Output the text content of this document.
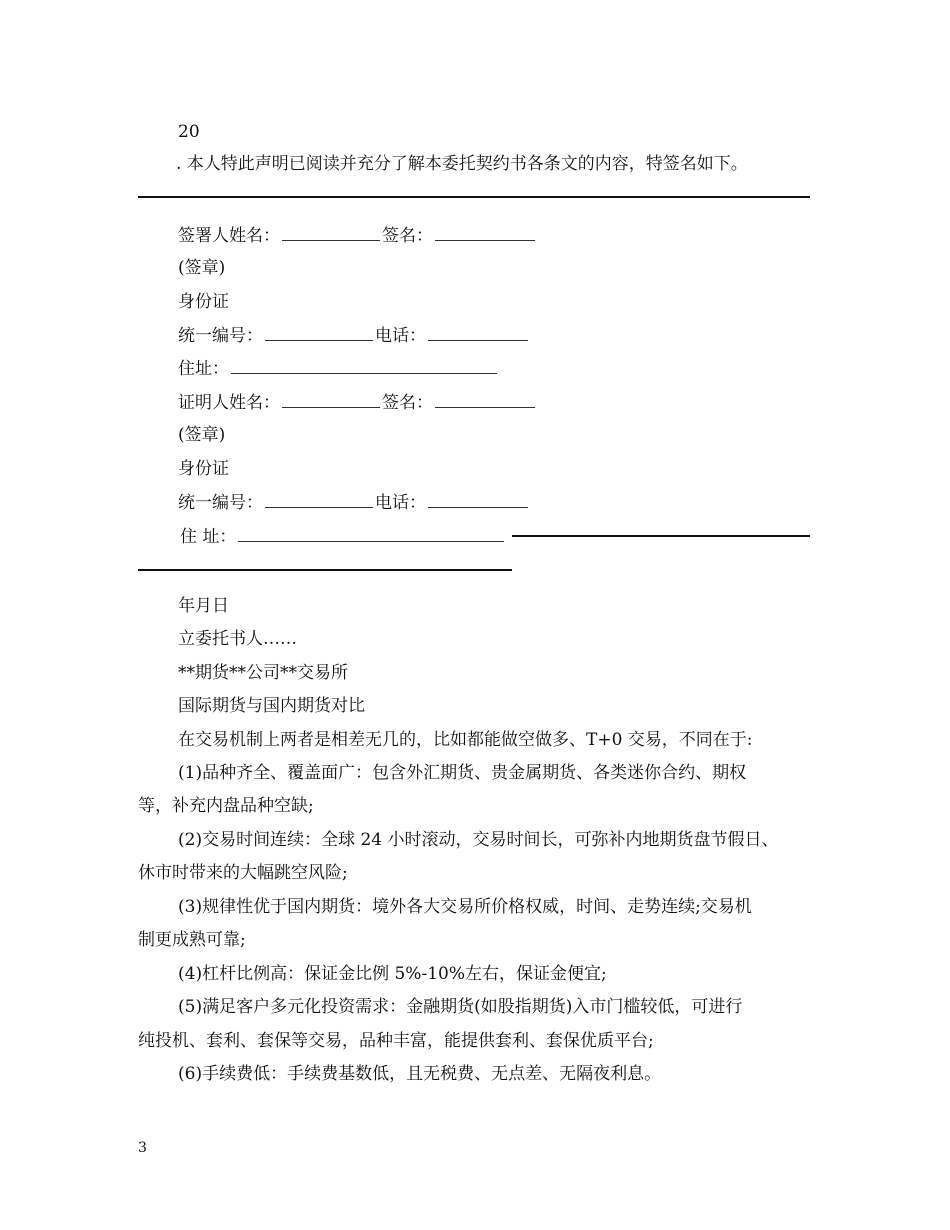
20
. 本人特此声明已阅读并充分了解本委托契约书各条文的内容，特签名如下。
签署人姓名：	签名：
(签章)
身份证
统一编号：	电话：
住址：
证明人姓名：	签名：
(签章)
身份证
统一编号：	电话：
住 址：
年月日
立委托书人……
**期货**公司**交易所
国际期货与国内期货对比
在交易机制上两者是相差无几的，比如都能做空做多、T+0 交易，不同在于:
(1)品种齐全、覆盖面广：包含外汇期货、贵金属期货、各类迷你合约、期权
等，补充内盘品种空缺;
(2)交易时间连续：全球 24 小时滚动，交易时间长，可弥补内地期货盘节假日、
休市时带来的大幅跳空风险;
(3)规律性优于国内期货：境外各大交易所价格权威，时间、走势连续;交易机
制更成熟可靠;
(4)杠杆比例高：保证金比例 5%-10%左右，保证金便宜;
(5)满足客户多元化投资需求：金融期货(如股指期货)入市门槛较低，可进行
纯投机、套利、套保等交易，品种丰富，能提供套利、套保优质平台;
(6)手续费低：手续费基数低，且无税费、无点差、无隔夜利息。
3
